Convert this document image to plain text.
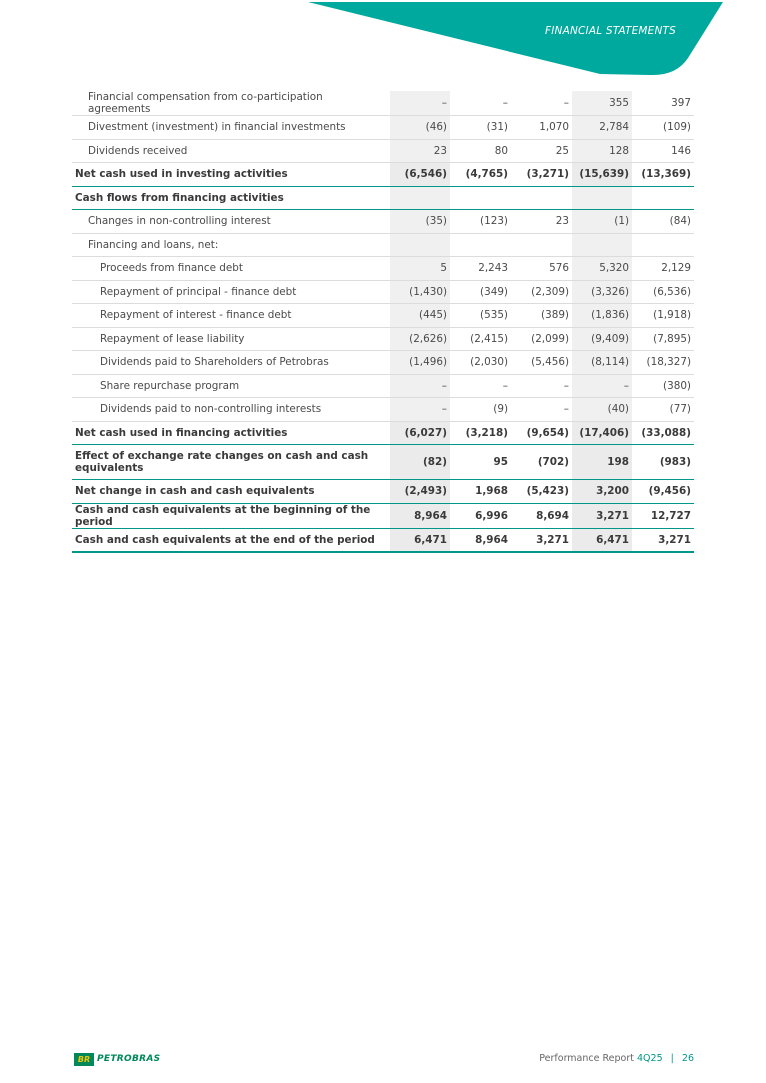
FINANCIAL STATEMENTS
Financial compensation from co-participation agreements	–	–	–	355	397
Divestment (investment) in financial investments	(46)	(31)	1,070	2,784	(109)
Dividends received	23	80	25	128	146
Net cash used in investing activities	(6,546)	(4,765)	(3,271)	(15,639)	(13,369)
Cash flows from financing activities					
Changes in non-controlling interest	(35)	(123)	23	(1)	(84)
Financing and loans, net:					
Proceeds from finance debt	5	2,243	576	5,320	2,129
Repayment of principal - finance debt	(1,430)	(349)	(2,309)	(3,326)	(6,536)
Repayment of interest - finance debt	(445)	(535)	(389)	(1,836)	(1,918)
Repayment of lease liability	(2,626)	(2,415)	(2,099)	(9,409)	(7,895)
Dividends paid to Shareholders of Petrobras	(1,496)	(2,030)	(5,456)	(8,114)	(18,327)
Share repurchase program	–	–	–	–	(380)
Dividends paid to non-controlling interests	–	(9)	–	(40)	(77)
Net cash used in financing activities	(6,027)	(3,218)	(9,654)	(17,406)	(33,088)
Effect of exchange rate changes on cash and cash equivalents	(82)	95	(702)	198	(983)
Net change in cash and cash equivalents	(2,493)	1,968	(5,423)	3,200	(9,456)
Cash and cash equivalents at the beginning of the period	8,964	6,996	8,694	3,271	12,727
Cash and cash equivalents at the end of the period	6,471	8,964	3,271	6,471	3,271
BR PETROBRAS	Performance Report 4Q25 | 26
